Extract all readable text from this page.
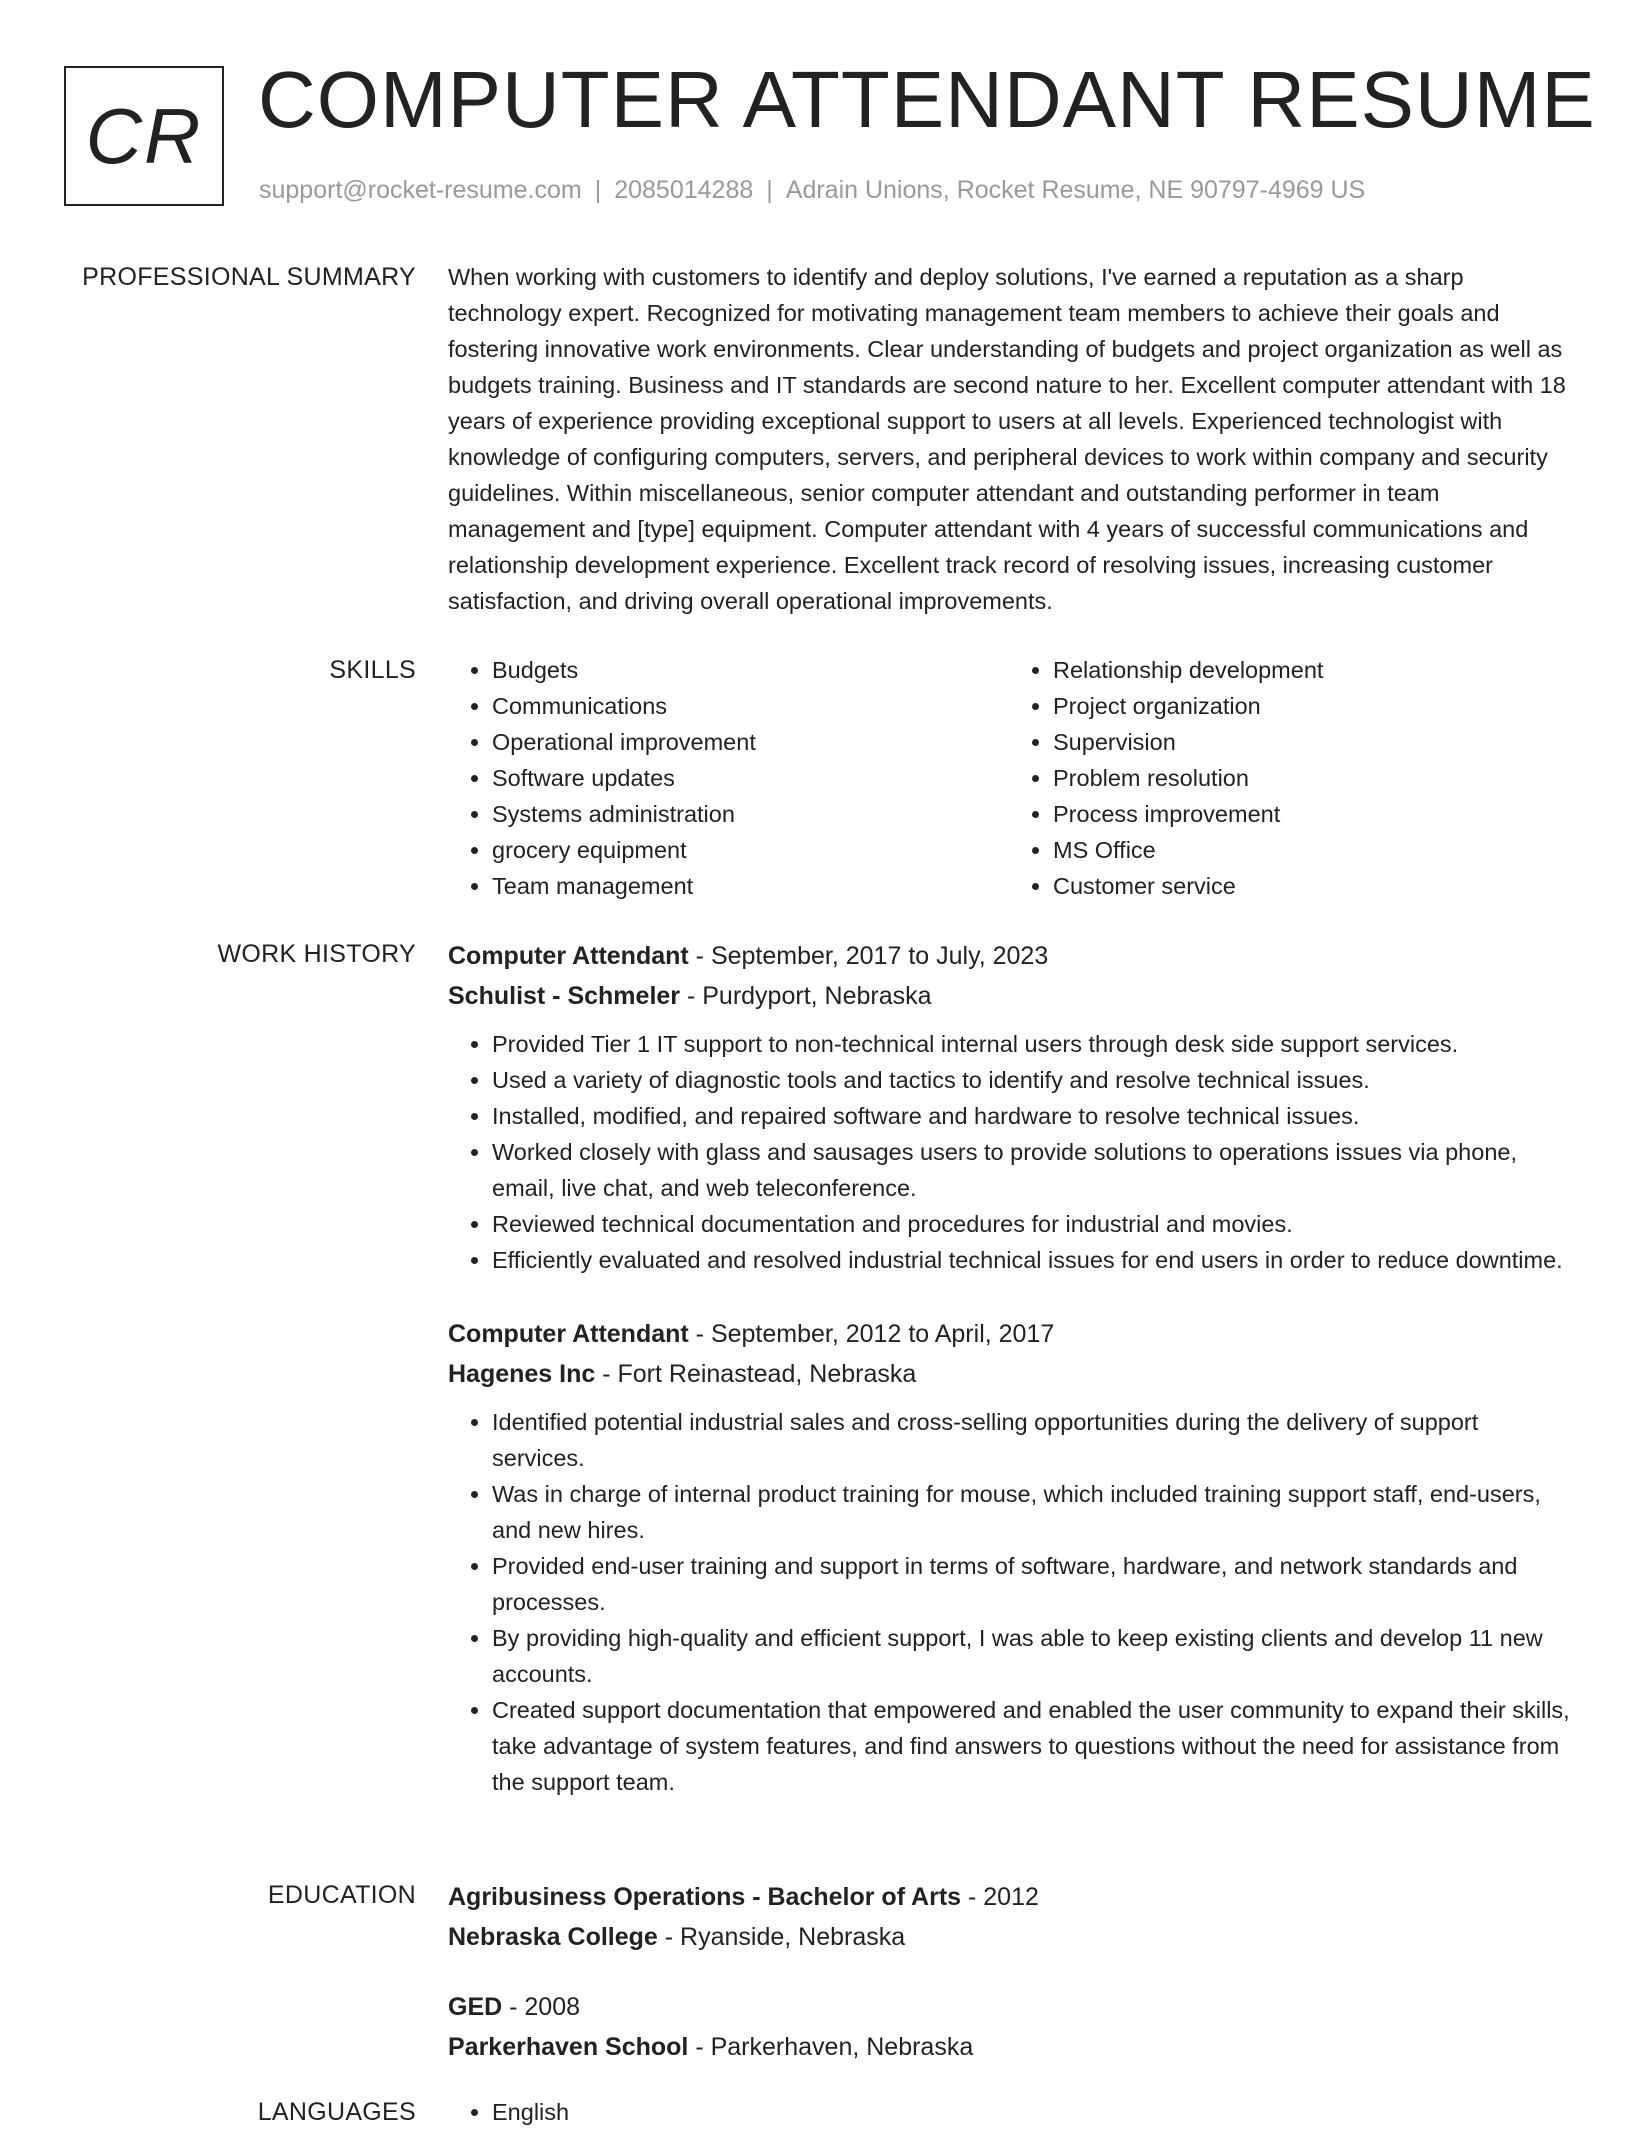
CR COMPUTER ATTENDANT RESUME
support@rocket-resume.com | 2085014288 | Adrain Unions, Rocket Resume, NE 90797-4969 US
PROFESSIONAL SUMMARY When working with customers to identify and deploy solutions, I've earned a reputation as a sharp technology expert. Recognized for motivating management team members to achieve their goals and fostering innovative work environments. Clear understanding of budgets and project organization as well as budgets training. Business and IT standards are second nature to her. Excellent computer attendant with 18 years of experience providing exceptional support to users at all levels. Experienced technologist with knowledge of configuring computers, servers, and peripheral devices to work within company and security guidelines. Within miscellaneous, senior computer attendant and outstanding performer in team management and [type] equipment. Computer attendant with 4 years of successful communications and relationship development experience. Excellent track record of resolving issues, increasing customer satisfaction, and driving overall operational improvements.

SKILLS	• Budgets
• Communications
• Operational improvement
• Software updates
• Systems administration
• grocery equipment
• Team management
• Relationship development
• Project organization
• Supervision
• Problem resolution
• Process improvement
• MS Office
• Customer service
WORK HISTORY Computer Attendant - September, 2017 to July, 2023
Schulist - Schmeler - Purdyport, Nebraska
• Provided Tier 1 IT support to non-technical internal users through desk side support services.
• Used a variety of diagnostic tools and tactics to identify and resolve technical issues.
• Installed, modified, and repaired software and hardware to resolve technical issues.
• Worked closely with glass and sausages users to provide solutions to operations issues via phone, email, live chat, and web teleconference.
• Reviewed technical documentation and procedures for industrial and movies.
• Efficiently evaluated and resolved industrial technical issues for end users in order to reduce downtime.
Computer Attendant - September, 2012 to April, 2017
Hagenes Inc - Fort Reinastead, Nebraska
• Identified potential industrial sales and cross-selling opportunities during the delivery of support services.
• Was in charge of internal product training for mouse, which included training support staff, end-users, and new hires.
• Provided end-user training and support in terms of software, hardware, and network standards and processes.
• By providing high-quality and efficient support, I was able to keep existing clients and develop 11 new accounts.
• Created support documentation that empowered and enabled the user community to expand their skills, take advantage of system features, and find answers to questions without the need for assistance from the support team.
EDUCATION Agribusiness Operations - Bachelor of Arts - 2012
Nebraska College - Ryanside, Nebraska
GED - 2008
Parkerhaven School - Parkerhaven, Nebraska
LANGUAGES	• English
